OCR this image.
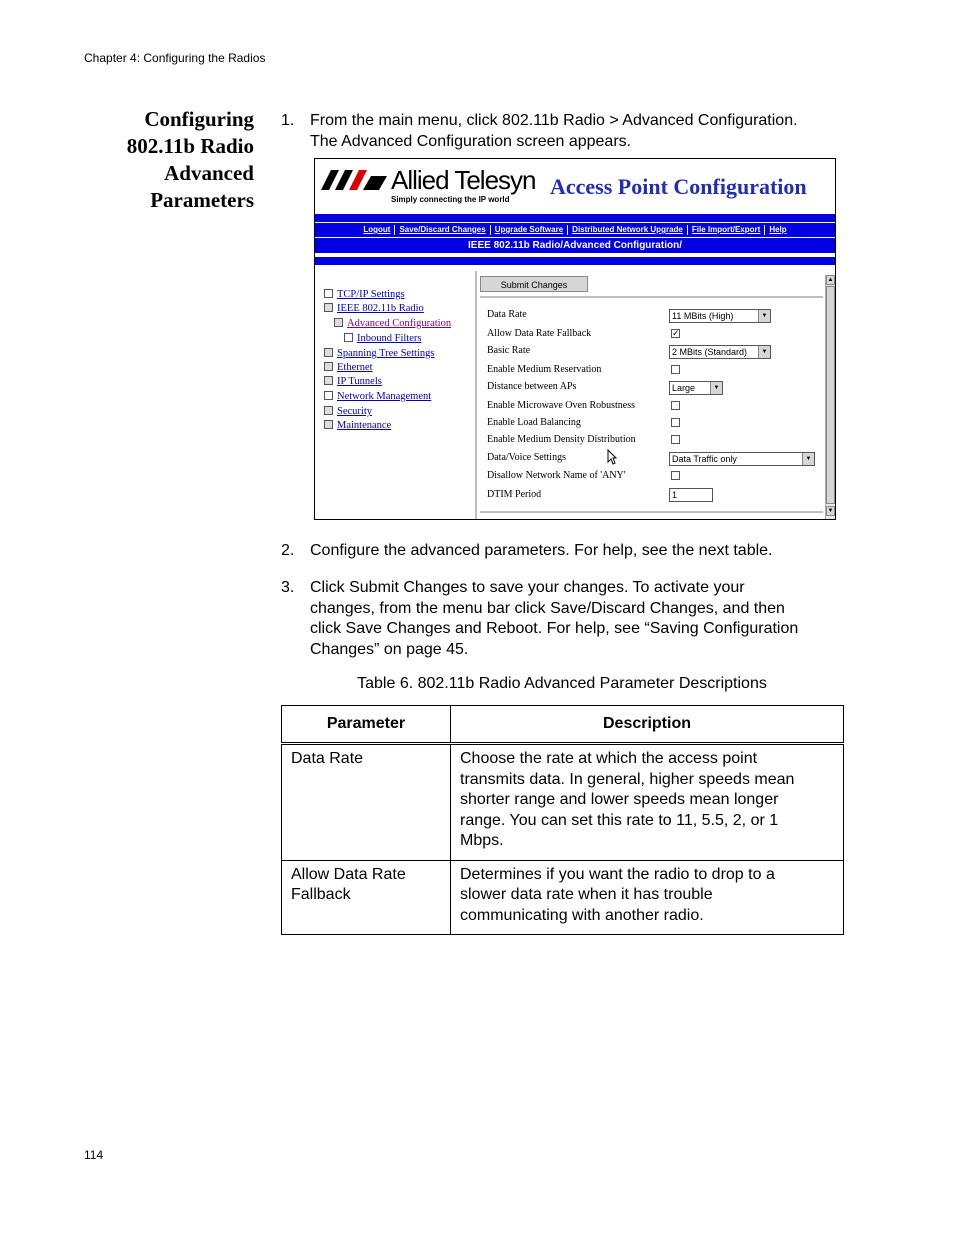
Chapter 4: Configuring the Radios
Configuring
802.11b Radio
Advanced
Parameters
1. From the main menu, click 802.11b Radio > Advanced Configuration.
The Advanced Configuration screen appears.
Allied Telesyn
Simply connecting the IP world
Access Point Configuration
Logout	Save/Discard Changes	Upgrade Software	Distributed Network Upgrade	File Import/Export	Help
IEEE 802.11b Radio/Advanced Configuration/
TCP/IP Settings
IEEE 802.11b Radio
Advanced Configuration
Inbound Filters
Spanning Tree Settings
Ethernet
IP Tunnels
Network Management
Security
Maintenance
Submit Changes
Data Rate	11 MBits (High)	▼
Allow Data Rate Fallback	✓
Basic Rate	2 MBits (Standard)	▼
Enable Medium Reservation
Distance between APs	Large	▼
Enable Microwave Oven Robustness
Enable Load Balancing
Enable Medium Density Distribution
Data/Voice Settings	Data Traffic only	▼
Disallow Network Name of 'ANY'
DTIM Period	1
▲
▼
2. Configure the advanced parameters. For help, see the next table.
3. Click Submit Changes to save your changes. To activate your
changes, from the menu bar click Save/Discard Changes, and then
click Save Changes and Reboot. For help, see “Saving Configuration
Changes” on page 45.
Table 6. 802.11b Radio Advanced Parameter Descriptions
Parameter	Description

Data Rate	Choose the rate at which the access point
transmits data. In general, higher speeds mean
shorter range and lower speeds mean longer
range. You can set this rate to 11, 5.5, 2, or 1
Mbps.

Allow Data Rate
Fallback	Determines if you want the radio to drop to a
slower data rate when it has trouble
communicating with another radio.
114
